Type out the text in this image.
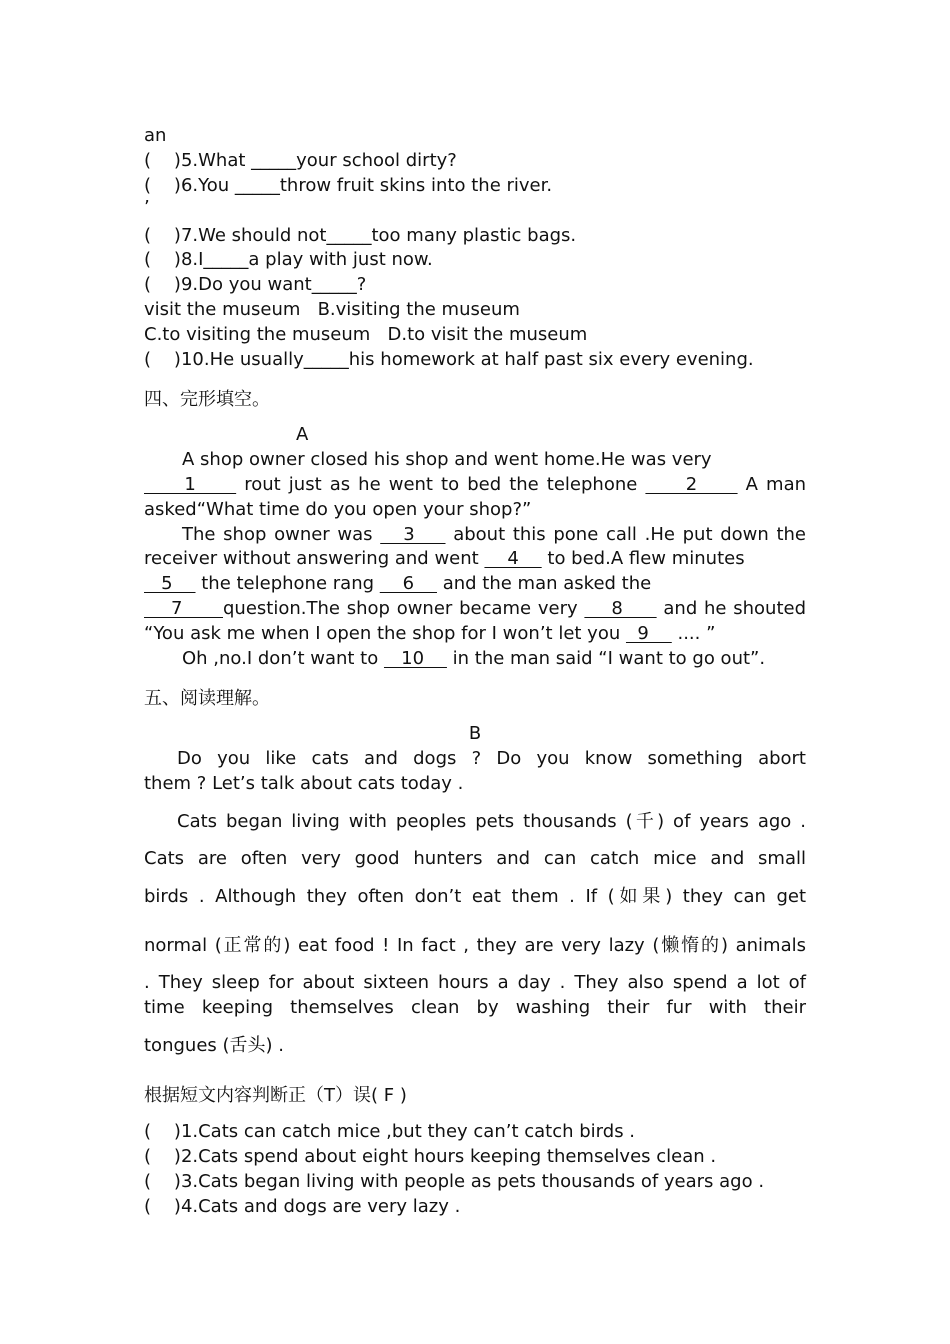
an
(    )5.What _____your school dirty?
(    )6.You _____throw fruit skins into the river.
’
(    )7.We should not_____too many plastic bags.
(    )8.I_____a play with just now.
(    )9.Do you want_____?
visit the museum   B.visiting the museum
C.to visiting the museum   D.to visit the museum
(    )10.He usually_____his homework at half past six every evening.
四、完形填空。
A
A shop owner closed his shop and went home.He was very
1      rout just as he went to bed the telephone      2      A man
asked“What time do you open your shop?”
The shop owner was    3     about this pone call .He put down the
receiver without answering and went     4     to bed.A flew minutes
5     the telephone rang     6     and the man asked the
7      question.The shop owner became very     8      and he shouted
“You ask me when I open the shop for I won’t let you   9     .... ”
Oh ,no.I don’t want to    10     in the man said “I want to go out”.
五、阅读理解。
B
Do you like cats and dogs ? Do you know something abort
them ? Let’s talk about cats today .
Cats began living with peoples pets thousands (千) of years ago .
Cats are often very good hunters and can catch mice and small
birds . Although they often don’t eat them . If (如果) they can get
normal (正常的) eat food ! In fact , they are very lazy (懒惰的) animals
. They sleep for about sixteen hours a day . They also spend a lot of
time keeping themselves clean by washing their fur with their
tongues (舌头) .
根据短文内容判断正（T）误( F )
(    )1.Cats can catch mice ,but they can’t catch birds .
(    )2.Cats spend about eight hours keeping themselves clean .
(    )3.Cats began living with people as pets thousands of years ago .
(    )4.Cats and dogs are very lazy .
